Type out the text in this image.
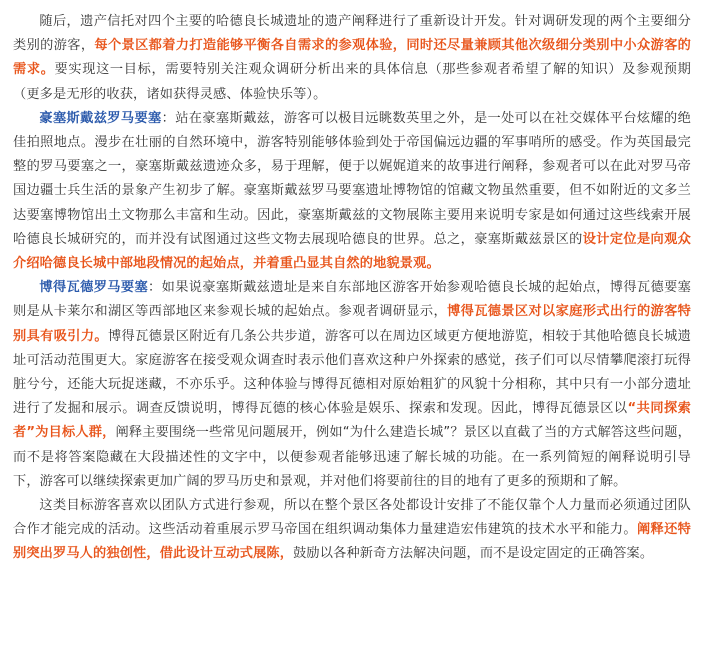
随后，遗产信托对四个主要的哈德良长城遗址的遗产阐释进行了重新设计开发。针对调研发现的两个主要细分类别的游客，每个景区都着力打造能够平衡各自需求的参观体验，同时还尽量兼顾其他次级细分类别中小众游客的需求。要实现这一目标，需要特别关注观众调研分析出来的具体信息（那些参观者希望了解的知识）及参观预期（更多是无形的收获，诸如获得灵感、体验快乐等）。

豪塞斯戴兹罗马要塞：站在豪塞斯戴兹，游客可以极目远眺数英里之外，是一处可以在社交媒体平台炫耀的绝佳拍照地点。漫步在壮丽的自然环境中，游客特别能够体验到处于帝国偏远边疆的军事哨所的感受。作为英国最完整的罗马要塞之一，豪塞斯戴兹遗迹众多，易于理解，便于以娓娓道来的故事进行阐释，参观者可以在此对罗马帝国边疆士兵生活的景象产生初步了解。豪塞斯戴兹罗马要塞遗址博物馆的馆藏文物虽然重要，但不如附近的文多兰达要塞博物馆出土文物那么丰富和生动。因此，豪塞斯戴兹的文物展陈主要用来说明专家是如何通过这些线索开展哈德良长城研究的，而并没有试图通过这些文物去展现哈德良的世界。总之，豪塞斯戴兹景区的设计定位是向观众介绍哈德良长城中部地段情况的起始点，并着重凸显其自然的地貌景观。

博得瓦德罗马要塞：如果说豪塞斯戴兹遗址是来自东部地区游客开始参观哈德良长城的起始点，博得瓦德要塞则是从卡莱尔和湖区等西部地区来参观长城的起始点。参观者调研显示，博得瓦德景区对以家庭形式出行的游客特别具有吸引力。博得瓦德景区附近有几条公共步道，游客可以在周边区域更方便地游览，相较于其他哈德良长城遗址可活动范围更大。家庭游客在接受观众调查时表示他们喜欢这种户外探索的感觉，孩子们可以尽情攀爬滚打玩得脏兮兮，还能大玩捉迷藏，不亦乐乎。这种体验与博得瓦德相对原始粗犷的风貌十分相称，其中只有一小部分遗址进行了发掘和展示。调查反馈说明，博得瓦德的核心体验是娱乐、探索和发现。因此，博得瓦德景区以“共同探索者”为目标人群，阐释主要围绕一些常见问题展开，例如“为什么建造长城”？景区以直截了当的方式解答这些问题，而不是将答案隐藏在大段描述性的文字中，以便参观者能够迅速了解长城的功能。在一系列简短的阐释说明引导下，游客可以继续探索更加广阔的罗马历史和景观，并对他们将要前往的目的地有了更多的预期和了解。

这类目标游客喜欢以团队方式进行参观，所以在整个景区各处都设计安排了不能仅靠个人力量而必须通过团队合作才能完成的活动。这些活动着重展示罗马帝国在组织调动集体力量建造宏伟建筑的技术水平和能力。阐释还特别突出罗马人的独创性，借此设计互动式展陈，鼓励以各种新奇方法解决问题，而不是设定固定的正确答案。
